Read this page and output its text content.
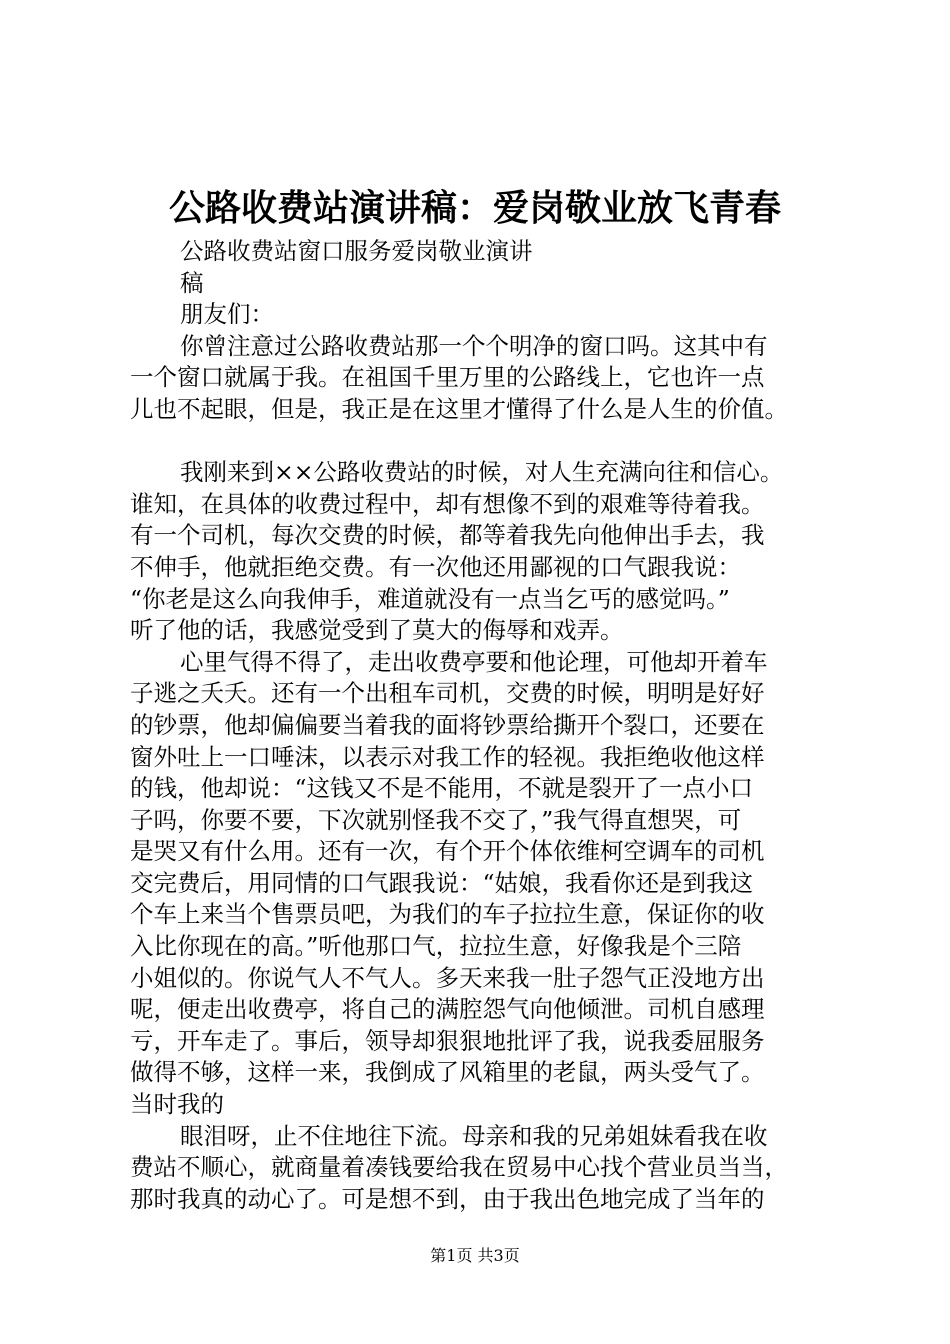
公路收费站演讲稿：爱岗敬业放飞青春
公路收费站窗口服务爱岗敬业演讲
稿
朋友们：
你曾注意过公路收费站那一个个明净的窗口吗。这其中有
一个窗口就属于我。在祖国千里万里的公路线上，它也许一点
儿也不起眼，但是，我正是在这里才懂得了什么是人生的价值。
我刚来到××公路收费站的时候，对人生充满向往和信心。
谁知，在具体的收费过程中，却有想像不到的艰难等待着我。
有一个司机，每次交费的时候，都等着我先向他伸出手去，我
不伸手，他就拒绝交费。有一次他还用鄙视的口气跟我说：
“你老是这么向我伸手，难道就没有一点当乞丐的感觉吗。”
听了他的话，我感觉受到了莫大的侮辱和戏弄。
心里气得不得了，走出收费亭要和他论理，可他却开着车
子逃之夭夭。还有一个出租车司机，交费的时候，明明是好好
的钞票，他却偏偏要当着我的面将钞票给撕开个裂口，还要在
窗外吐上一口唾沫，以表示对我工作的轻视。我拒绝收他这样
的钱，他却说：“这钱又不是不能用，不就是裂开了一点小口
子吗，你要不要，下次就别怪我不交了，”我气得直想哭，可
是哭又有什么用。还有一次，有个开个体依维柯空调车的司机
交完费后，用同情的口气跟我说：“姑娘，我看你还是到我这
个车上来当个售票员吧，为我们的车子拉拉生意，保证你的收
入比你现在的高。”听他那口气，拉拉生意，好像我是个三陪
小姐似的。你说气人不气人。多天来我一肚子怨气正没地方出
呢，便走出收费亭，将自己的满腔怨气向他倾泄。司机自感理
亏，开车走了。事后，领导却狠狠地批评了我，说我委屈服务
做得不够，这样一来，我倒成了风箱里的老鼠，两头受气了。
当时我的
眼泪呀，止不住地往下流。母亲和我的兄弟姐妹看我在收
费站不顺心，就商量着凑钱要给我在贸易中心找个营业员当当，
那时我真的动心了。可是想不到，由于我出色地完成了当年的
第1页 共3页
